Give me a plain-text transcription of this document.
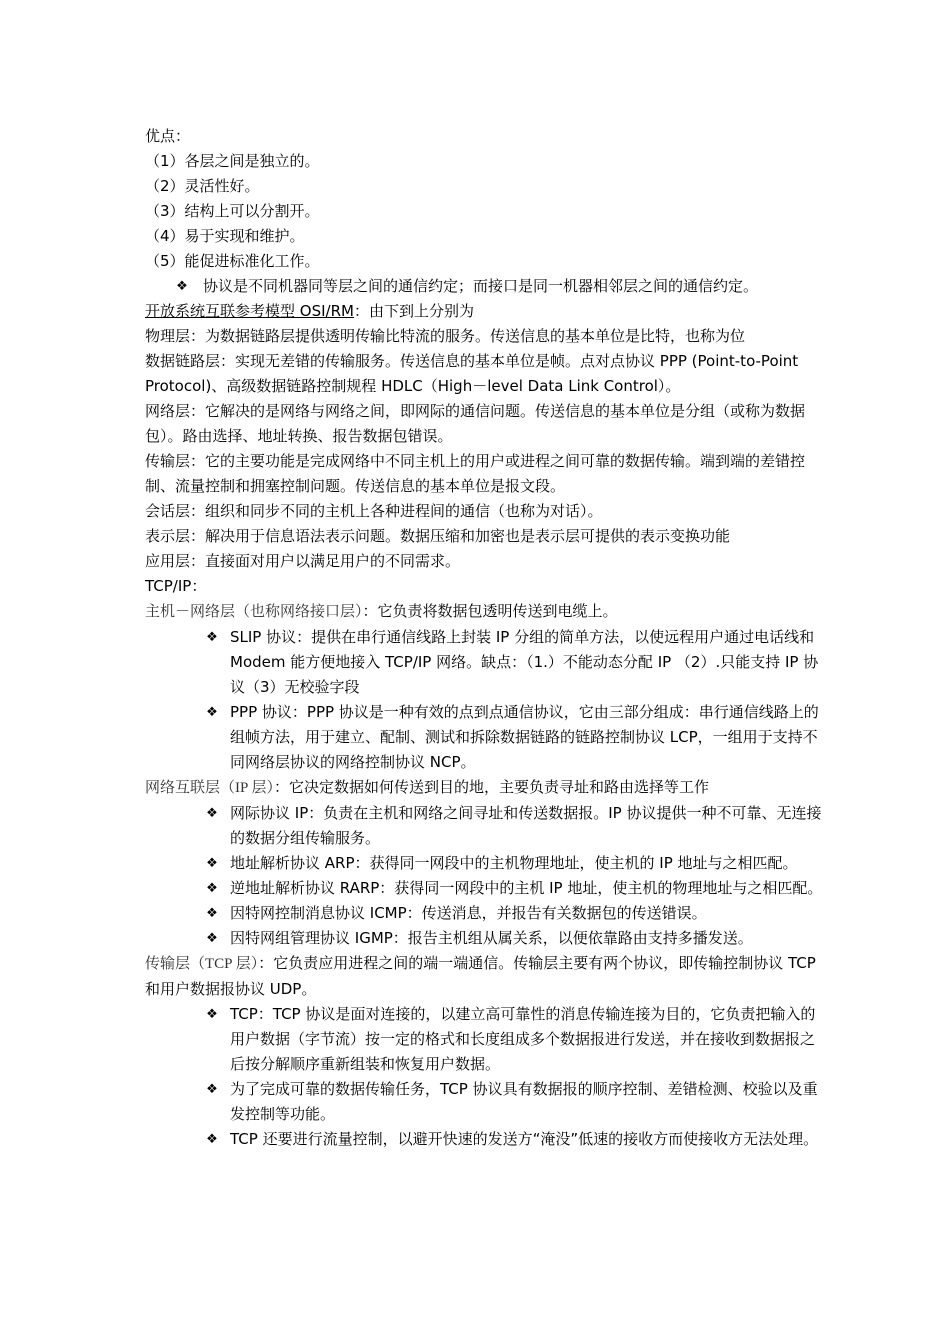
优点：

（1）各层之间是独立的。

（2）灵活性好。

（3）结构上可以分割开。

（4）易于实现和维护。

（5）能促进标准化工作。

❖	协议是不同机器同等层之间的通信约定；而接口是同一机器相邻层之间的通信约定。

开放系统互联参考模型 OSI/RM：由下到上分别为

物理层：为数据链路层提供透明传输比特流的服务。传送信息的基本单位是比特，也称为位

数据链路层：实现无差错的传输服务。传送信息的基本单位是帧。点对点协议 PPP (Point-to-Point Protocol)、高级数据链路控制规程 HDLC（High－level Data Link Control）。

网络层：它解决的是网络与网络之间，即网际的通信问题。传送信息的基本单位是分组（或称为数据包）。路由选择、地址转换、报告数据包错误。

传输层：它的主要功能是完成网络中不同主机上的用户或进程之间可靠的数据传输。端到端的差错控制、流量控制和拥塞控制问题。传送信息的基本单位是报文段。

会话层：组织和同步不同的主机上各种进程间的通信（也称为对话）。

表示层：解决用于信息语法表示问题。数据压缩和加密也是表示层可提供的表示变换功能

应用层：直接面对用户以满足用户的不同需求。

TCP/IP：

主机－网络层（也称网络接口层）：它负责将数据包透明传送到电缆上。

❖ SLIP 协议：提供在串行通信线路上封装 IP 分组的简单方法，以使远程用户通过电话线和 Modem 能方便地接入 TCP/IP 网络。缺点：（1.）不能动态分配 IP （2）.只能支持 IP 协议（3）无校验字段

❖ PPP 协议：PPP 协议是一种有效的点到点通信协议，它由三部分组成：串行通信线路上的组帧方法，用于建立、配制、测试和拆除数据链路的链路控制协议 LCP，一组用于支持不同网络层协议的网络控制协议 NCP。

网络互联层（IP 层）：它决定数据如何传送到目的地，主要负责寻址和路由选择等工作

❖ 网际协议 IP：负责在主机和网络之间寻址和传送数据报。IP 协议提供一种不可靠、无连接的数据分组传输服务。

❖ 地址解析协议 ARP：获得同一网段中的主机物理地址，使主机的 IP 地址与之相匹配。

❖ 逆地址解析协议 RARP：获得同一网段中的主机 IP 地址，使主机的物理地址与之相匹配。

❖ 因特网控制消息协议 ICMP：传送消息，并报告有关数据包的传送错误。

❖ 因特网组管理协议 IGMP：报告主机组从属关系，以便依靠路由支持多播发送。

传输层（TCP 层）：它负责应用进程之间的端一端通信。传输层主要有两个协议，即传输控制协议 TCP 和用户数据报协议 UDP。

❖ TCP：TCP 协议是面对连接的，以建立高可靠性的消息传输连接为目的，它负责把输入的用户数据（字节流）按一定的格式和长度组成多个数据报进行发送，并在接收到数据报之后按分解顺序重新组装和恢复用户数据。

❖ 为了完成可靠的数据传输任务，TCP 协议具有数据报的顺序控制、差错检测、校验以及重发控制等功能。

❖ TCP 还要进行流量控制，以避开快速的发送方“淹没”低速的接收方而使接收方无法处理。
